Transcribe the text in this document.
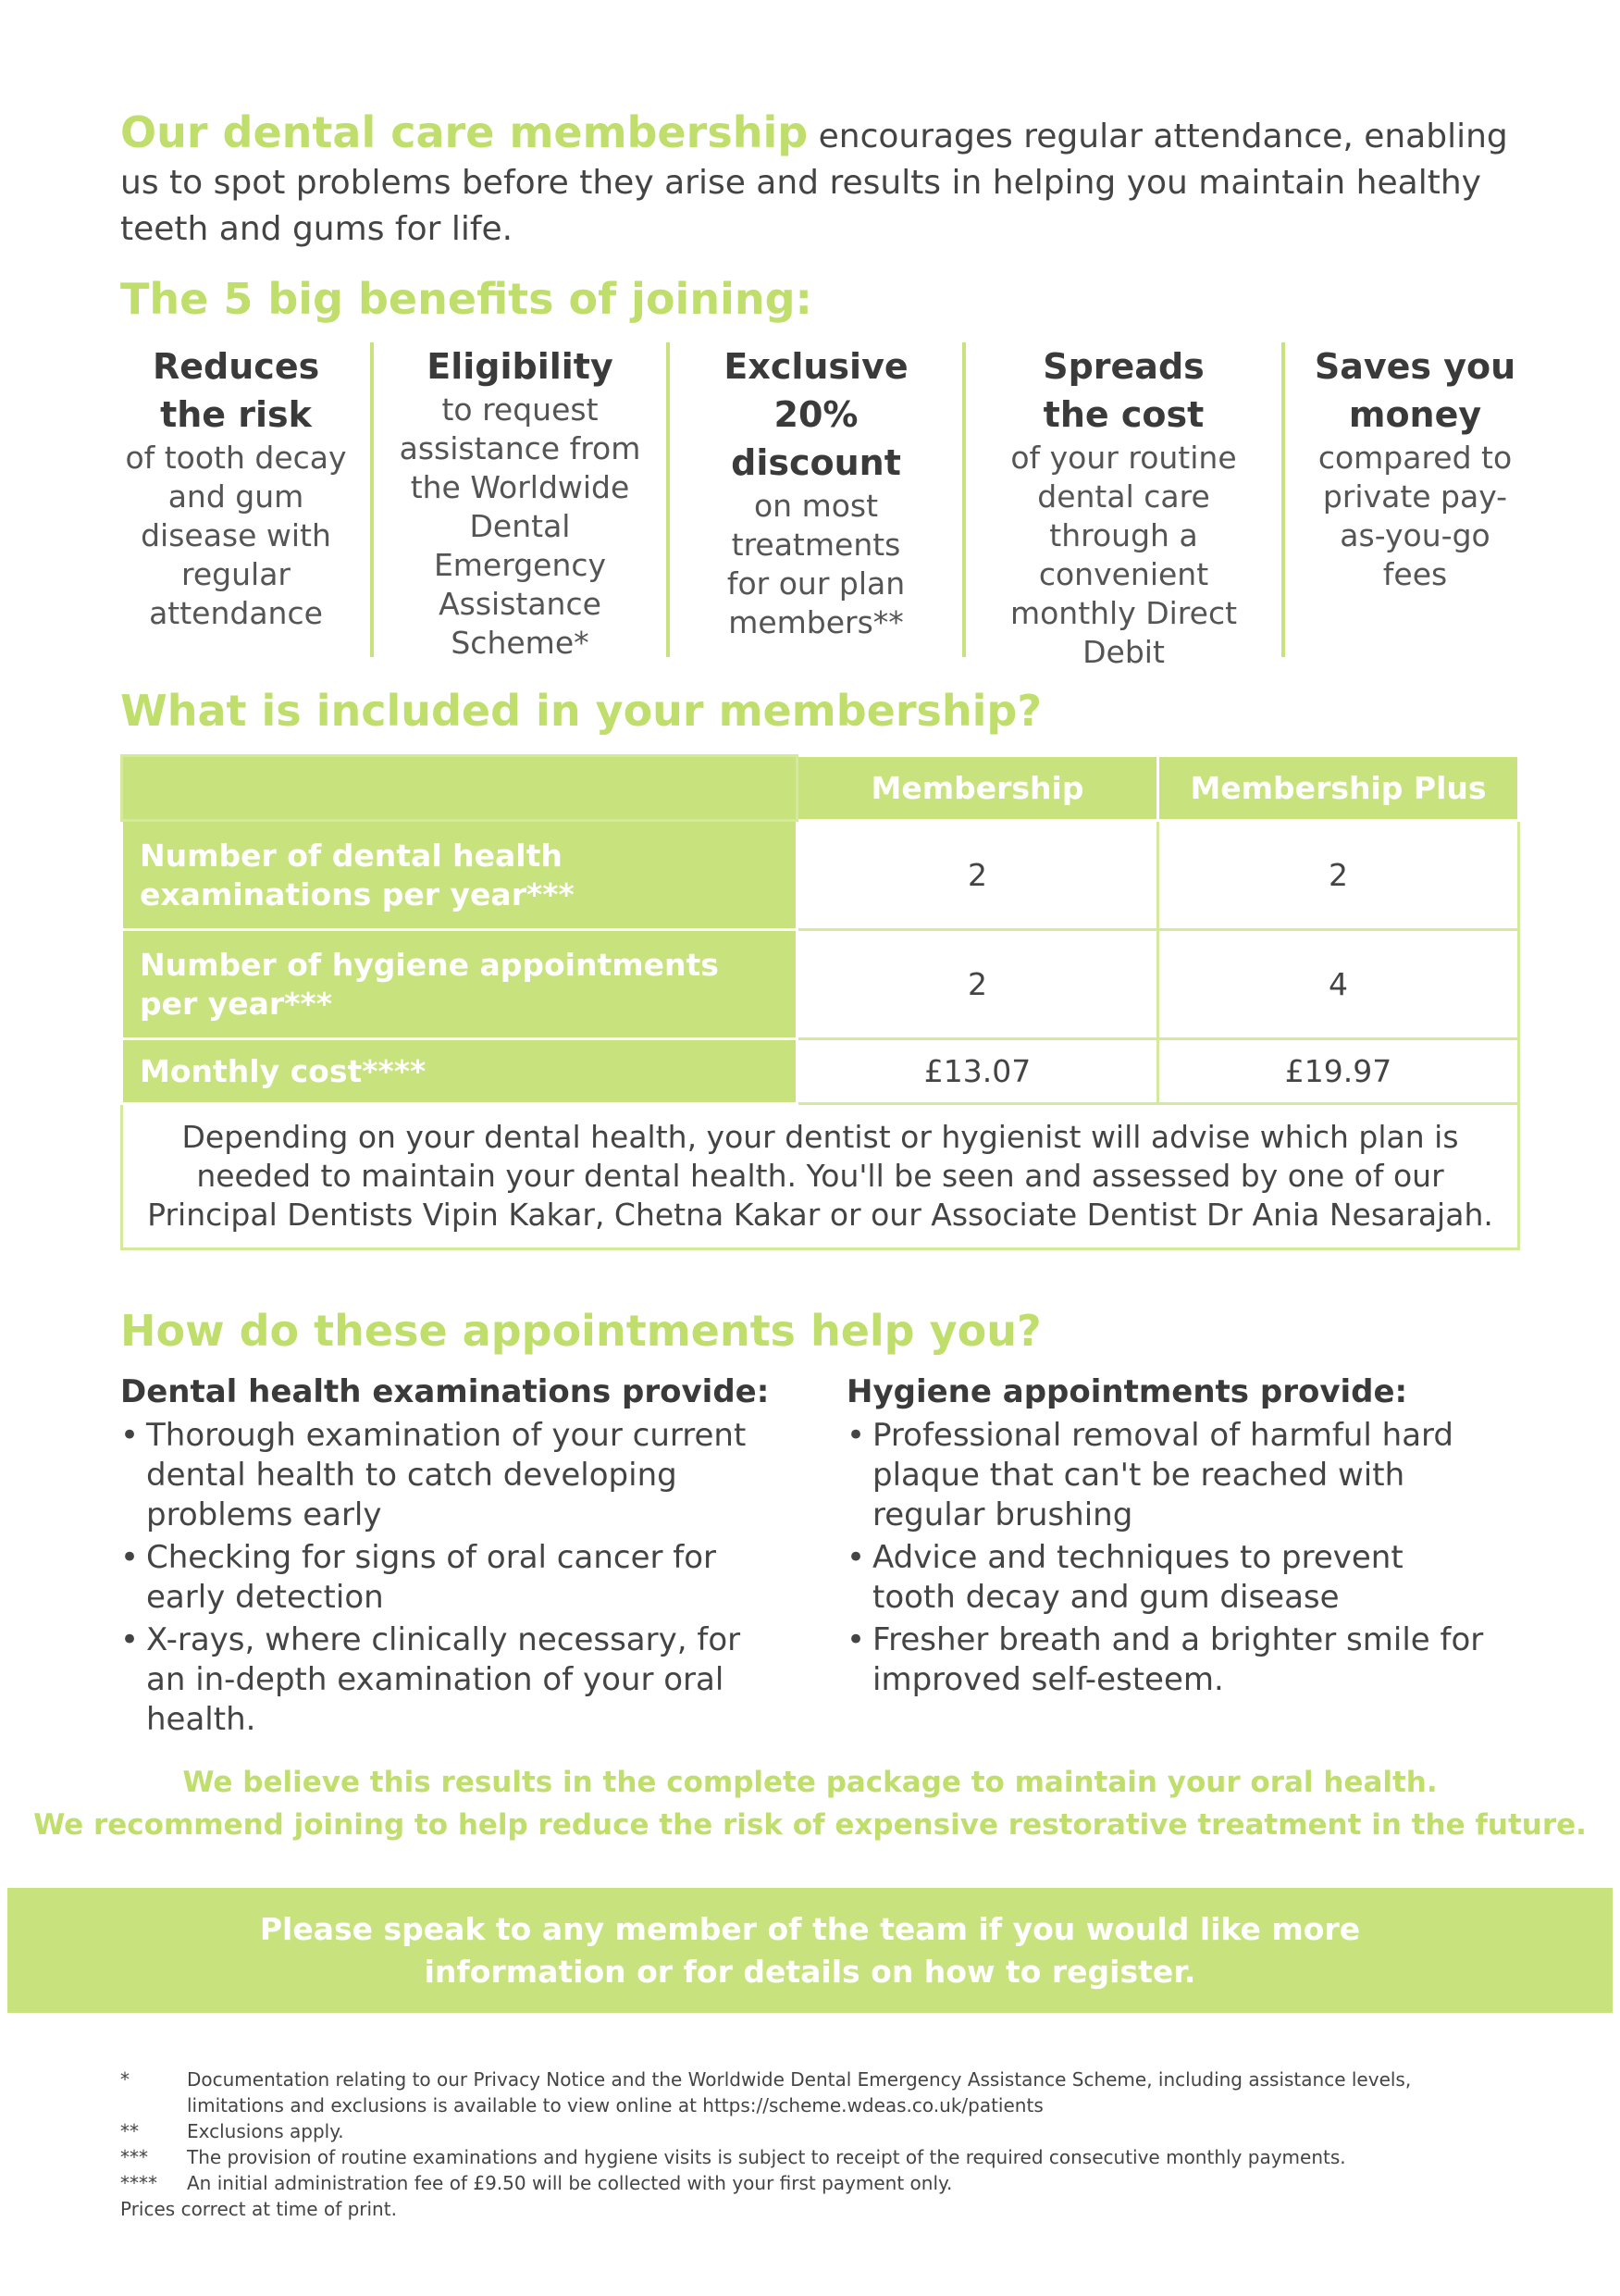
Our dental care membership encourages regular attendance, enabling us to spot problems before they arise and results in helping you maintain healthy teeth and gums for life.

The 5 big benefits of joining:
Reduces the risk
of tooth decay and gum disease with regular attendance
Eligibility
to request assistance from the Worldwide Dental Emergency Assistance Scheme*
Exclusive 20% discount
on most treatments for our plan members**
Spreads the cost
of your routine dental care through a convenient monthly Direct Debit
Saves you money
compared to private pay-as-you-go fees
What is included in your membership?
	Membership	Membership Plus
Number of dental health examinations per year***	2	2
Number of hygiene appointments per year***	2	4
Monthly cost****	£13.07	£19.97
Depending on your dental health, your dentist or hygienist will advise which plan is needed to maintain your dental health. You'll be seen and assessed by one of our Principal Dentists Vipin Kakar, Chetna Kakar or our Associate Dentist Dr Ania Nesarajah.		
How do these appointments help you?
Dental health examinations provide:
• Thorough examination of your current dental health to catch developing problems early
• Checking for signs of oral cancer for early detection
• X-rays, where clinically necessary, for an in-depth examination of your oral health.
Hygiene appointments provide:
• Professional removal of harmful hard plaque that can't be reached with regular brushing
• Advice and techniques to prevent tooth decay and gum disease
• Fresher breath and a brighter smile for improved self-esteem.
We believe this results in the complete package to maintain your oral health.
We recommend joining to help reduce the risk of expensive restorative treatment in the future.
Please speak to any member of the team if you would like more
information or for details on how to register.
*	Documentation relating to our Privacy Notice and the Worldwide Dental Emergency Assistance Scheme, including assistance levels, limitations and exclusions is available to view online at https://scheme.wdeas.co.uk/patients
**	Exclusions apply.
***	The provision of routine examinations and hygiene visits is subject to receipt of the required consecutive monthly payments.
****	An initial administration fee of £9.50 will be collected with your first payment only.
Prices correct at time of print.
